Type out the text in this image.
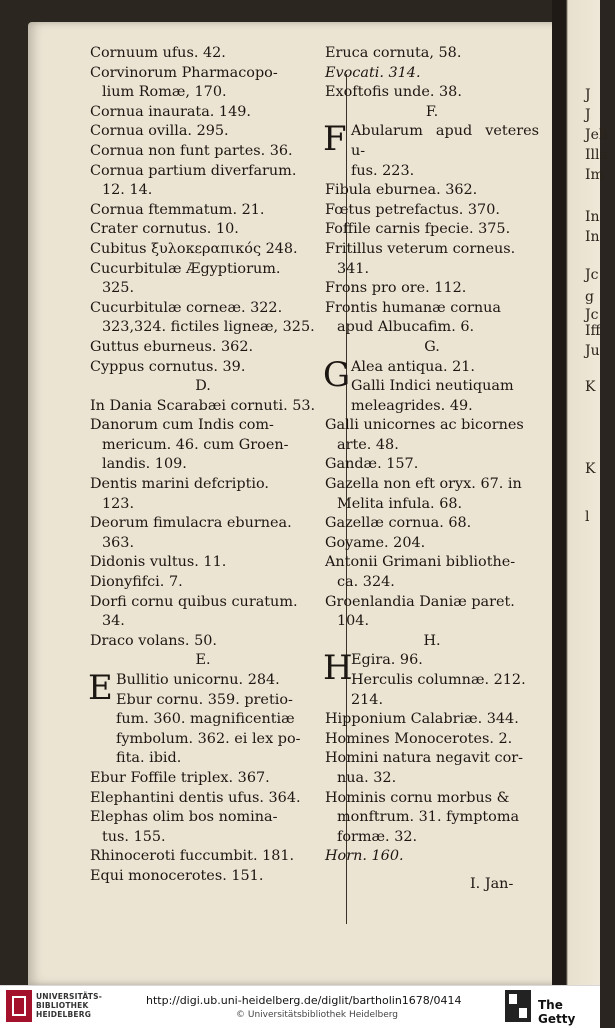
J
J
Jeh
Illa
Im
In
In
Jc
g
Jc
Iff
Ju
K
K
l

Cornuum ufus. 42.

Corvinorum Pharmacopo-
lium Romæ, 170.

Cornua inaurata. 149.

Cornua ovilla. 295.

Cornua non funt partes. 36.

Cornua partium diverfarum.
12. 14.

Cornua ftemmatum. 21.

Crater cornutus. 10.

Cubitus ξυλοκεραπικός 248.

Cucurbitulæ Ægyptiorum.
325.

Cucurbitulæ corneæ. 322.
323,324. fictiles ligneæ, 325.

Guttus eburneus. 362.

Cyppus cornutus. 39.

D.

In Dania Scarabæi cornuti. 53.

Danorum cum Indis com-
mericum. 46. cum Groen-
landis. 109.

Dentis marini defcriptio.
123.

Deorum fimulacra eburnea.
363.

Didonis vultus. 11.

Dionyfifci. 7.

Dorfi cornu quibus curatum.
34.

Draco volans. 50.

E.

E Bullitio unicornu. 284.
Ebur cornu. 359. pretio-
fum. 360. magnificentiæ
fymbolum. 362. ei lex po-
fita. ibid.

Ebur Foffile triplex. 367.

Elephantini dentis ufus. 364.

Elephas olim bos nomina-
tus. 155.

Rhinoceroti fuccumbit. 181.

Equi monocerotes. 151.

Eruca cornuta, 58.

Evocati. 314.

Exoftofis unde. 38.

F.

F Abularum apud veteres u-
fus. 223.

Fibula eburnea. 362.

Fœtus petrefactus. 370.

Foffile carnis fpecie. 375.

Fritillus veterum corneus.
341.

Frons pro ore. 112.

Frontis humanæ cornua
apud Albucafim. 6.

G.

G Alea antiqua. 21.
Galli Indici neutiquam
meleagrides. 49.

Galli unicornes ac bicornes
arte. 48.

Gandæ. 157.

Gazella non eft oryx. 67. in
Melita infula. 68.

Gazellæ cornua. 68.

Goyame. 204.

Antonii Grimani bibliothe-
ca. 324.

Groenlandia Daniæ paret.
104.

H.

H
Egira. 96.
Herculis columnæ. 212.
214.

Hipponium Calabriæ. 344.

Homines Monocerotes. 2.

Homini natura negavit cor-
nua. 32.

Hominis cornu morbus &
monftrum. 31. fymptoma
formæ. 32.

Horn. 160.

I. Jan-
UNIVERSITÄTS-
BIBLIOTHEK
HEIDELBERG
http://digi.ub.uni-heidelberg.de/diglit/bartholin1678/0414
© Universitätsbibliothek Heidelberg
The Getty
